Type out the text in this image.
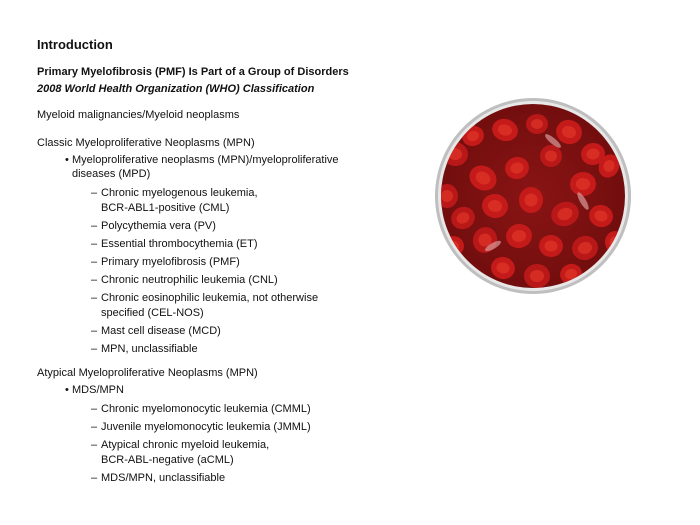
Introduction
Primary Myelofibrosis (PMF) Is Part of a Group of Disorders
2008 World Health Organization (WHO) Classification
Myeloid malignancies/Myeloid neoplasms
Classic Myeloproliferative Neoplasms (MPN)
• Myeloproliferative neoplasms (MPN)/myeloproliferative
diseases (MPD)
– Chronic myelogenous leukemia,
BCR-ABL1-positive (CML)
– Polycythemia vera (PV)
– Essential thrombocythemia (ET)
– Primary myelofibrosis (PMF)
– Chronic neutrophilic leukemia (CNL)
– Chronic eosinophilic leukemia, not otherwise
specified (CEL-NOS)
– Mast cell disease (MCD)
– MPN, unclassifiable
Atypical Myeloproliferative Neoplasms (MPN)
• MDS/MPN
– Chronic myelomonocytic leukemia (CMML)
– Juvenile myelomonocytic leukemia (JMML)
– Atypical chronic myeloid leukemia,
BCR-ABL-negative (aCML)
– MDS/MPN, unclassifiable
